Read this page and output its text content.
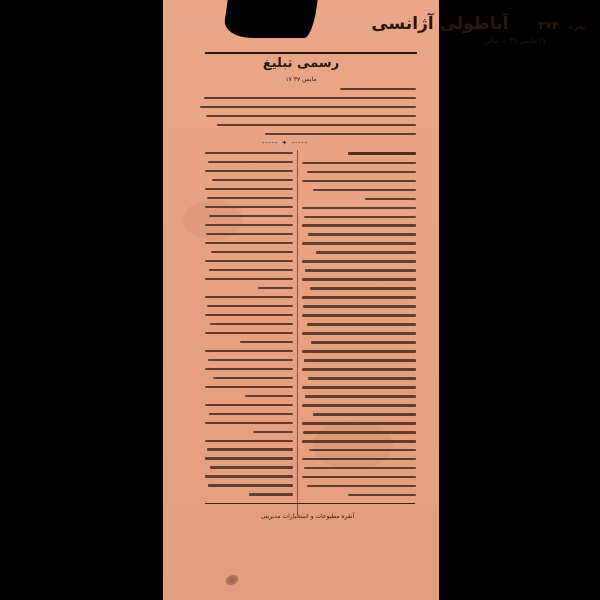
نمره
۳۷۴
آناطولی آژانسی
۱۷ مایس ۳۶ — مالی
رسمی تبلیغ
۱۷ مایس ۳۷
-·-·- ✦ -·-·-
آنقره مطبوعات و استخبارات مدیریتی
